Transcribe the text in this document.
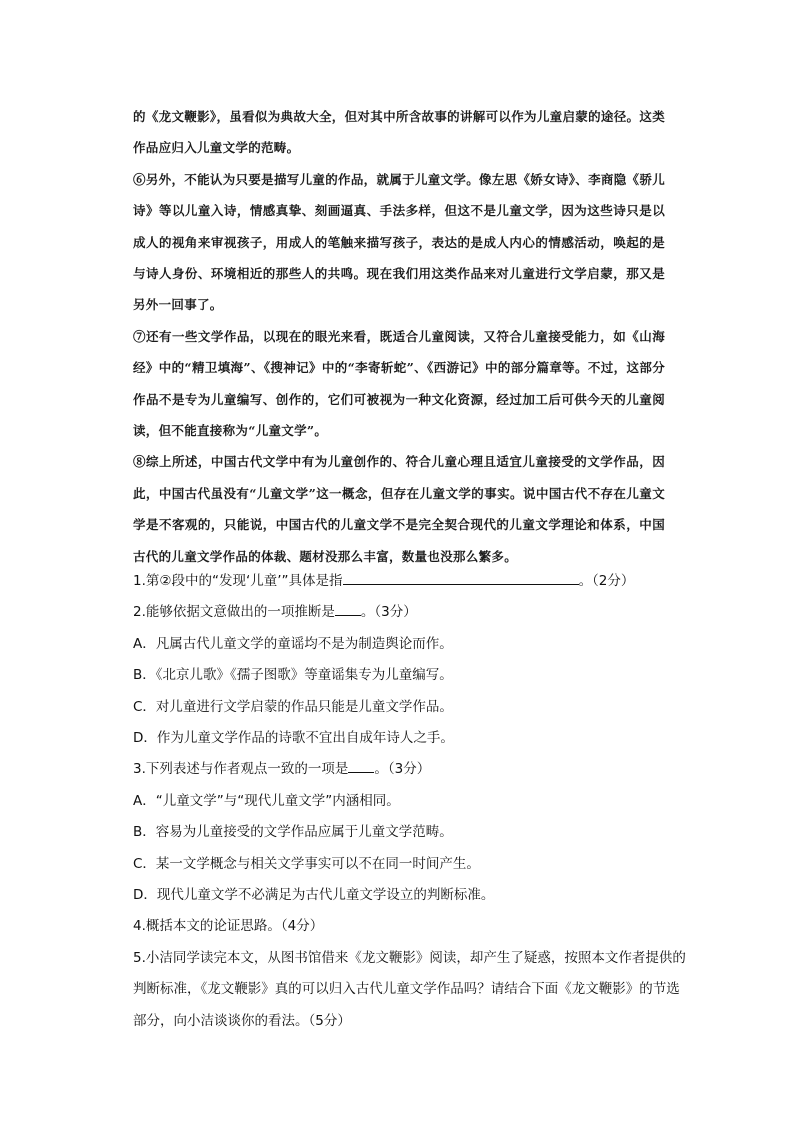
的《龙文鞭影》，虽看似为典故大全，但对其中所含故事的讲解可以作为儿童启蒙的途径。这类作品应归入儿童文学的范畴。

⑥另外，不能认为只要是描写儿童的作品，就属于儿童文学。像左思《娇女诗》、李商隐《骄儿诗》等以儿童入诗，情感真挚、刻画逼真、手法多样，但这不是儿童文学，因为这些诗只是以成人的视角来审视孩子，用成人的笔触来描写孩子，表达的是成人内心的情感活动，唤起的是与诗人身份、环境相近的那些人的共鸣。现在我们用这类作品来对儿童进行文学启蒙，那又是另外一回事了。

⑦还有一些文学作品，以现在的眼光来看，既适合儿童阅读，又符合儿童接受能力，如《山海经》中的“精卫填海”、《搜神记》中的“李寄斩蛇”、《西游记》中的部分篇章等。不过，这部分作品不是专为儿童编写、创作的，它们可被视为一种文化资源，经过加工后可供今天的儿童阅读，但不能直接称为“儿童文学”。

⑧综上所述，中国古代文学中有为儿童创作的、符合儿童心理且适宜儿童接受的文学作品，因此，中国古代虽没有“儿童文学”这一概念，但存在儿童文学的事实。说中国古代不存在儿童文学是不客观的，只能说，中国古代的儿童文学不是完全契合现代的儿童文学理论和体系，中国古代的儿童文学作品的体裁、题材没那么丰富，数量也没那么繁多。

1.第②段中的“发现‘儿童’”具体是指	。（2分）
2.能够依据文意做出的一项推断是 。（3分）
A．凡属古代儿童文学的童谣均不是为制造舆论而作。
B．《北京儿歌》《孺子图歌》等童谣集专为儿童编写。
C．对儿童进行文学启蒙的作品只能是儿童文学作品。
D．作为儿童文学作品的诗歌不宜出自成年诗人之手。
3.下列表述与作者观点一致的一项是 。（3分）
A．“儿童文学”与“现代儿童文学”内涵相同。
B．容易为儿童接受的文学作品应属于儿童文学范畴。
C．某一文学概念与相关文学事实可以不在同一时间产生。
D．现代儿童文学不必满足为古代儿童文学设立的判断标准。
4.概括本文的论证思路。（4分）
5.小洁同学读完本文，从图书馆借来《龙文鞭影》阅读，却产生了疑惑，按照本文作者提供的判断标准，《龙文鞭影》真的可以归入古代儿童文学作品吗？请结合下面《龙文鞭影》的节选部分，向小洁谈谈你的看法。（5分）
